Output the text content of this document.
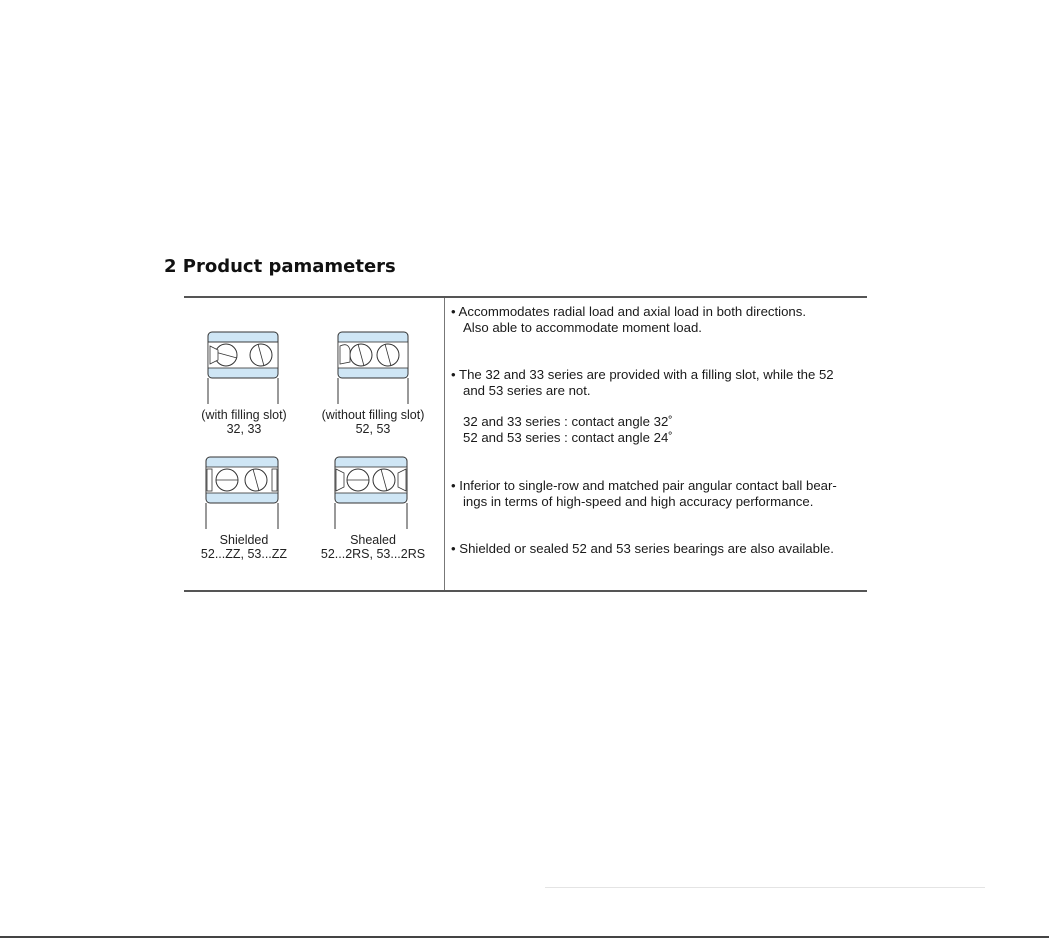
2 Product pamameters
(with filling slot)
32, 33
(without filling slot)
52, 53
Shielded
52...ZZ, 53...ZZ
Shealed
52...2RS, 53...2RS
• Accommodates radial load and axial load in both directions.
Also able to accommodate moment load.
• The 32 and 33 series are provided with a filling slot, while the 52
and 53 series are not.
32 and 33 series : contact angle 32˚
52 and 53 series : contact angle 24˚
• Inferior to single-row and matched pair angular contact ball bear-
ings in terms of high-speed and high accuracy performance.
• Shielded or sealed 52 and 53 series bearings are also available.
